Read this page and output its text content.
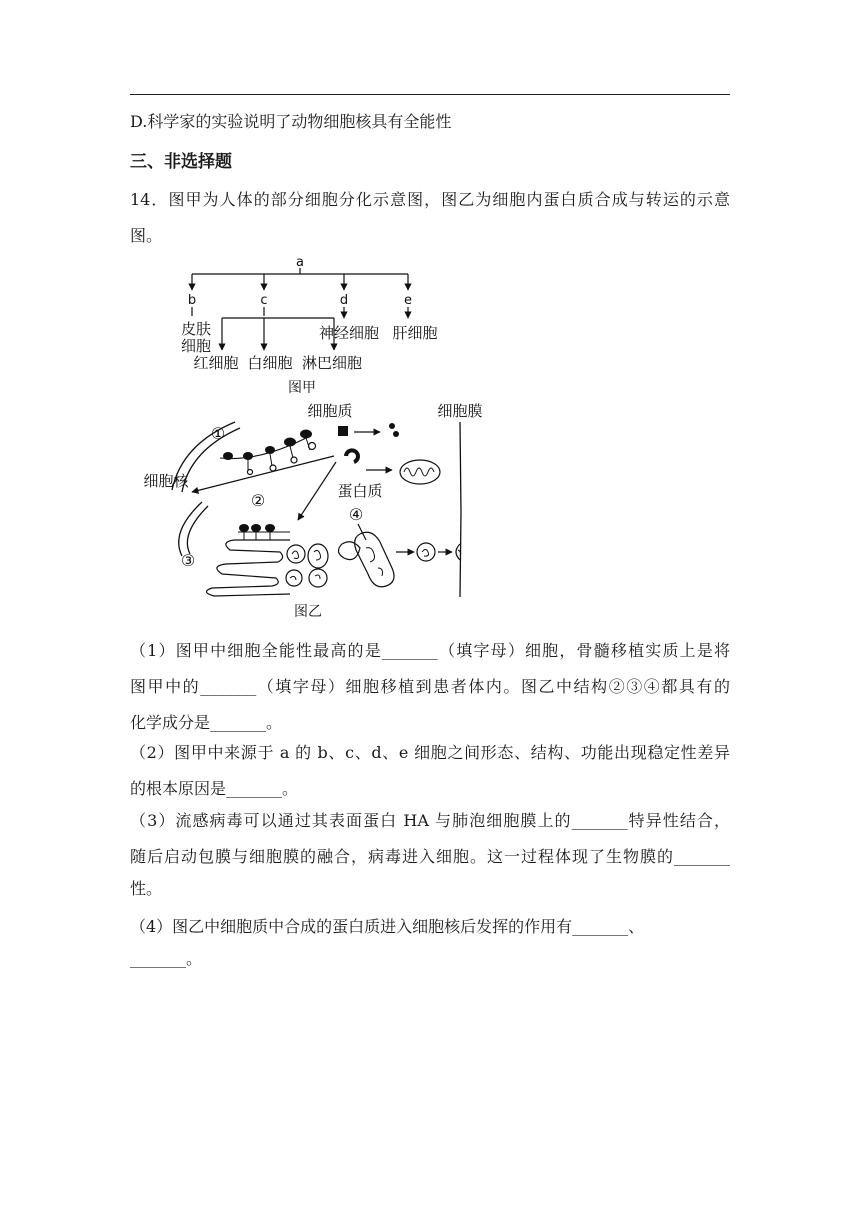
D.科学家的实验说明了动物细胞核具有全能性
三、非选择题
14．图甲为人体的部分细胞分化示意图，图乙为细胞内蛋白质合成与转运的示意
图。
a
b	c	d	e
皮肤
细胞
神经细胞 肝细胞
红细胞 白细胞 淋巴细胞
图甲
细胞质	细胞膜
细胞核
①
蛋白质
②
③
④
图乙
（1）图甲中细胞全能性最高的是_______（填字母）细胞，骨髓移植实质上是将
图甲中的_______（填字母）细胞移植到患者体内。图乙中结构②③④都具有的
化学成分是_______。
（2）图甲中来源于 a 的 b、c、d、e 细胞之间形态、结构、功能出现稳定性差异
的根本原因是_______。
（3）流感病毒可以通过其表面蛋白 HA 与肺泡细胞膜上的_______特异性结合，
随后启动包膜与细胞膜的融合，病毒进入细胞。这一过程体现了生物膜的_______
性。
（4）图乙中细胞质中合成的蛋白质进入细胞核后发挥的作用有_______、
_______。
